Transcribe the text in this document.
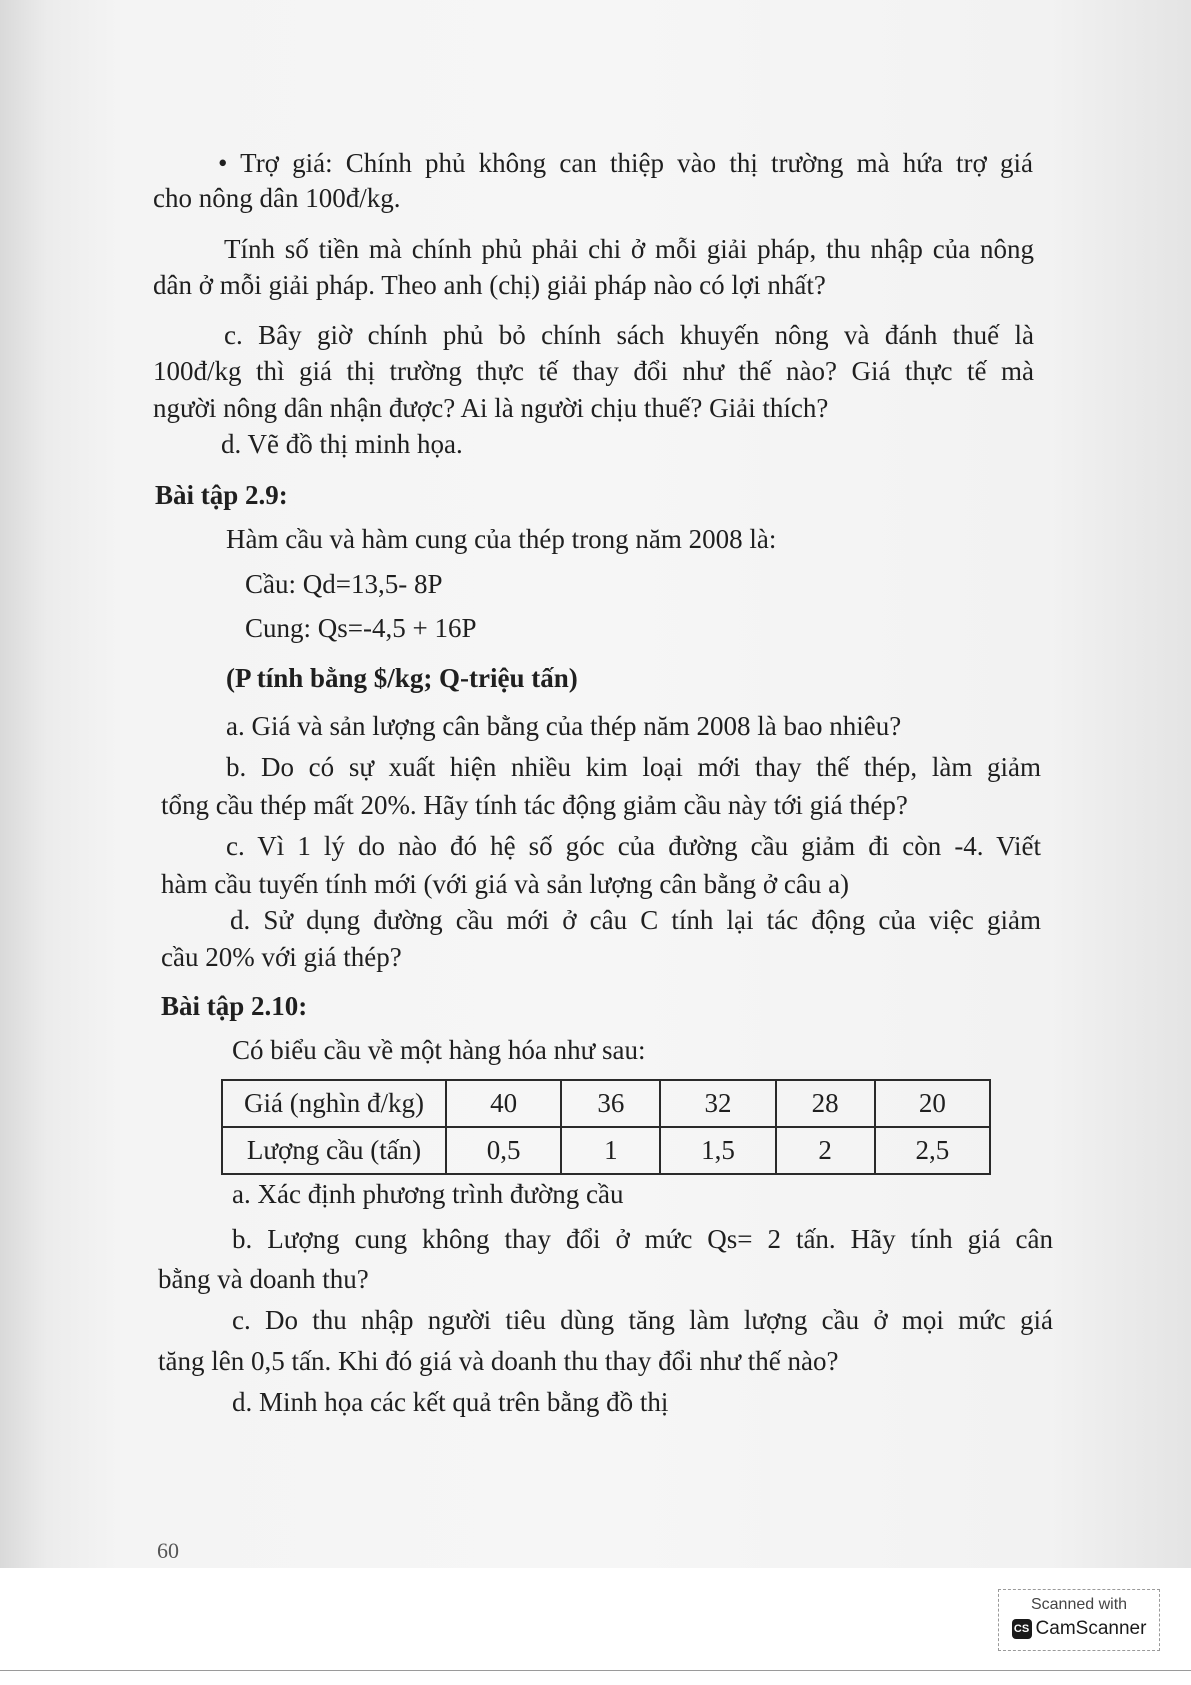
• Trợ giá: Chính phủ không can thiệp vào thị trường mà hứa trợ giá
cho nông dân 100đ/kg.
Tính số tiền mà chính phủ phải chi ở mỗi giải pháp, thu nhập của nông
dân ở mỗi giải pháp. Theo anh (chị) giải pháp nào có lợi nhất?
c. Bây giờ chính phủ bỏ chính sách khuyến nông và đánh thuế là
100đ/kg thì giá thị trường thực tế thay đổi như thế nào? Giá thực tế mà
người nông dân nhận được? Ai là người chịu thuế? Giải thích?
d. Vẽ đồ thị minh họa.
Bài tập 2.9:
Hàm cầu và hàm cung của thép trong năm 2008 là:
Cầu: Qd=13,5- 8P
Cung: Qs=-4,5 + 16P
(P tính bằng $/kg; Q-triệu tấn)
a. Giá và sản lượng cân bằng của thép năm 2008 là bao nhiêu?
b. Do có sự xuất hiện nhiều kim loại mới thay thế thép, làm giảm
tổng cầu thép mất 20%. Hãy tính tác động giảm cầu này tới giá thép?
c. Vì 1 lý do nào đó hệ số góc của đường cầu giảm đi còn -4. Viết
hàm cầu tuyến tính mới (với giá và sản lượng cân bằng ở câu a)
d. Sử dụng đường cầu mới ở câu C tính lại tác động của việc giảm
cầu 20% với giá thép?
Bài tập 2.10:
Có biểu cầu về một hàng hóa như sau:
Giá (nghìn đ/kg)	40	36	32	28	20
Lượng cầu (tấn)	0,5	1	1,5	2	2,5
a. Xác định phương trình đường cầu
b. Lượng cung không thay đổi ở mức Qs= 2 tấn. Hãy tính giá cân
bằng và doanh thu?
c. Do thu nhập người tiêu dùng tăng làm lượng cầu ở mọi mức giá
tăng lên 0,5 tấn. Khi đó giá và doanh thu thay đổi như thế nào?
d. Minh họa các kết quả trên bằng đồ thị
60
Scanned with
CS CamScanner
